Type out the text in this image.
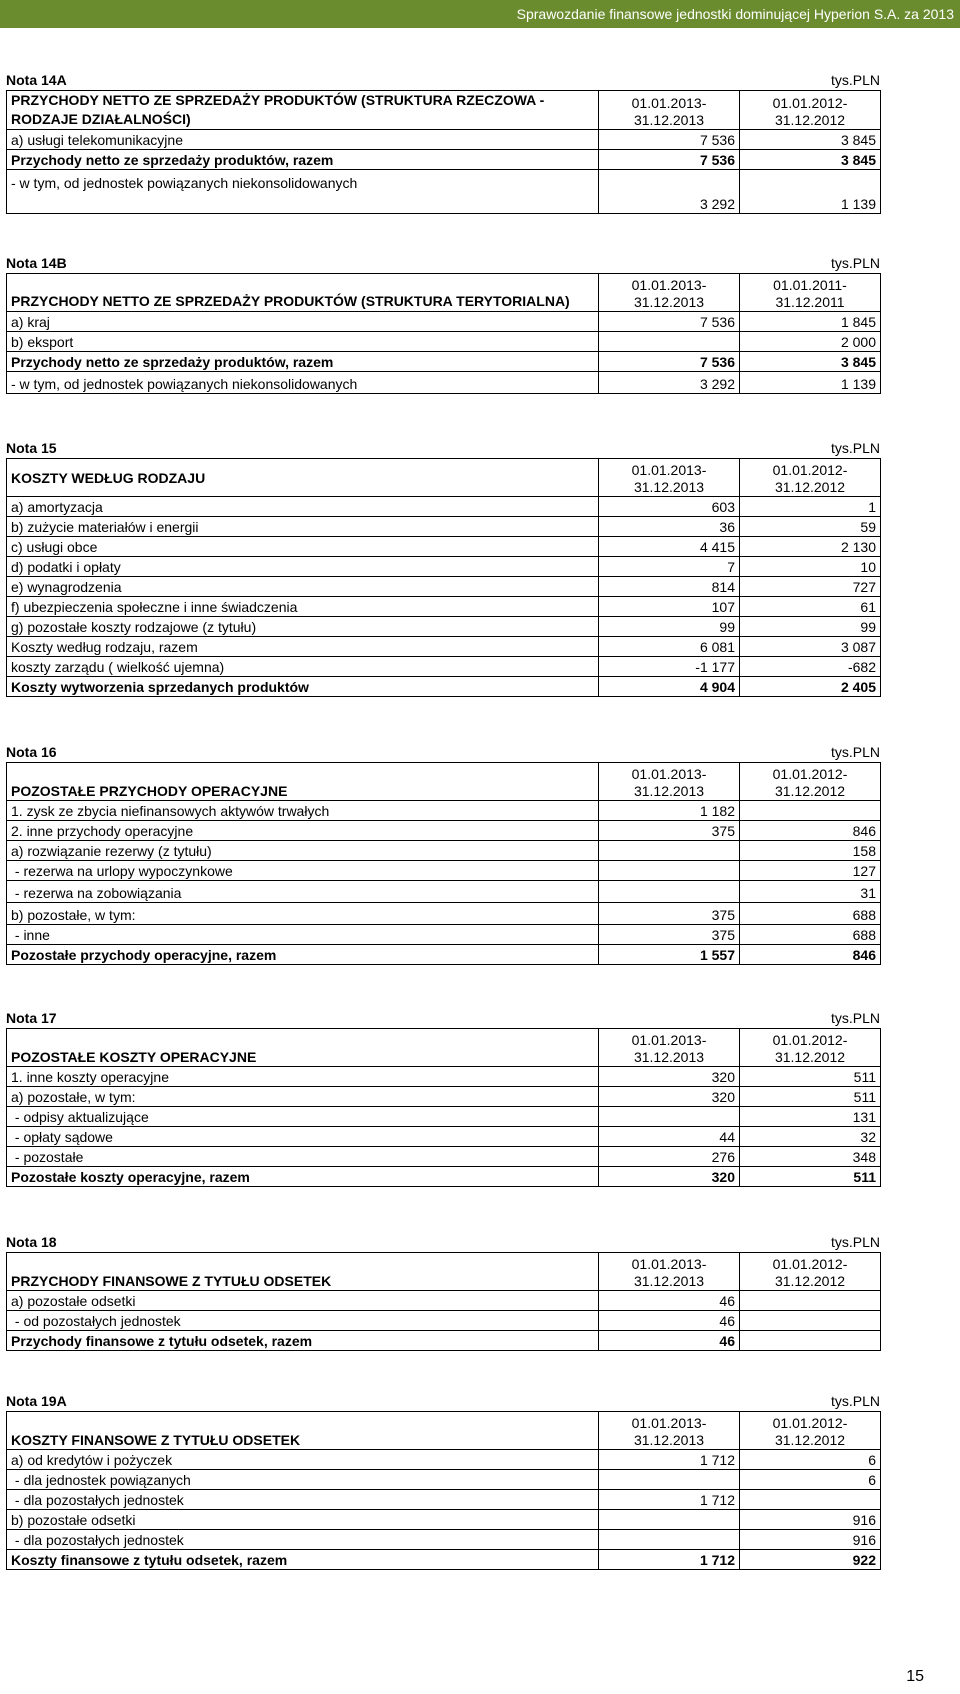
Sprawozdanie finansowe jednostki dominującej Hyperion S.A. za 2013
Nota 14A	tys.PLN
PRZYCHODY NETTO ZE SPRZEDAŻY PRODUKTÓW (STRUKTURA RZECZOWA - RODZAJE DZIAŁALNOŚCI)	01.01.2013- 31.12.2013	01.01.2012- 31.12.2012
a) usługi telekomunikacyjne	7 536	3 845
Przychody netto ze sprzedaży produktów, razem	7 536	3 845
- w tym, od jednostek powiązanych niekonsolidowanych	3 292	1 139
Nota 14B	tys.PLN
PRZYCHODY NETTO ZE SPRZEDAŻY PRODUKTÓW (STRUKTURA TERYTORIALNA)	01.01.2013- 31.12.2013	01.01.2011- 31.12.2011
a) kraj	7 536	1 845
b) eksport		2 000
Przychody netto ze sprzedaży produktów, razem	7 536	3 845
- w tym, od jednostek powiązanych niekonsolidowanych	3 292	1 139
Nota 15	tys.PLN
KOSZTY WEDŁUG RODZAJU	01.01.2013- 31.12.2013	01.01.2012- 31.12.2012
a) amortyzacja	603	1
b) zużycie materiałów i energii	36	59
c) usługi obce	4 415	2 130
d) podatki i opłaty	7	10
e) wynagrodzenia	814	727
f) ubezpieczenia społeczne i inne świadczenia	107	61
g) pozostałe koszty rodzajowe (z tytułu)	99	99
Koszty według rodzaju, razem	6 081	3 087
koszty zarządu ( wielkość ujemna)	-1 177	-682
Koszty wytworzenia sprzedanych produktów	4 904	2 405
Nota 16	tys.PLN
POZOSTAŁE PRZYCHODY OPERACYJNE	01.01.2013- 31.12.2013	01.01.2012- 31.12.2012
1. zysk ze zbycia niefinansowych aktywów trwałych	1 182	
2. inne przychody operacyjne	375	846
a) rozwiązanie rezerwy (z tytułu)		158
- rezerwa na urlopy wypoczynkowe		127
- rezerwa na zobowiązania		31
b) pozostałe, w tym:	375	688
- inne	375	688
Pozostałe przychody operacyjne, razem	1 557	846
Nota 17	tys.PLN
POZOSTAŁE KOSZTY OPERACYJNE	01.01.2013- 31.12.2013	01.01.2012- 31.12.2012
1. inne koszty operacyjne	320	511
a) pozostałe, w tym:	320	511
- odpisy aktualizujące		131
- opłaty sądowe	44	32
- pozostałe	276	348
Pozostałe koszty operacyjne, razem	320	511
Nota 18	tys.PLN
PRZYCHODY FINANSOWE Z TYTUŁU ODSETEK	01.01.2013- 31.12.2013	01.01.2012- 31.12.2012
a) pozostałe odsetki	46	
- od pozostałych jednostek	46	
Przychody finansowe z tytułu odsetek, razem	46	
Nota 19A	tys.PLN
KOSZTY FINANSOWE Z TYTUŁU ODSETEK	01.01.2013- 31.12.2013	01.01.2012- 31.12.2012
a) od kredytów i pożyczek	1 712	6
- dla jednostek powiązanych		6
- dla pozostałych jednostek	1 712	
b) pozostałe odsetki		916
- dla pozostałych jednostek		916
Koszty finansowe z tytułu odsetek, razem	1 712	922
15
